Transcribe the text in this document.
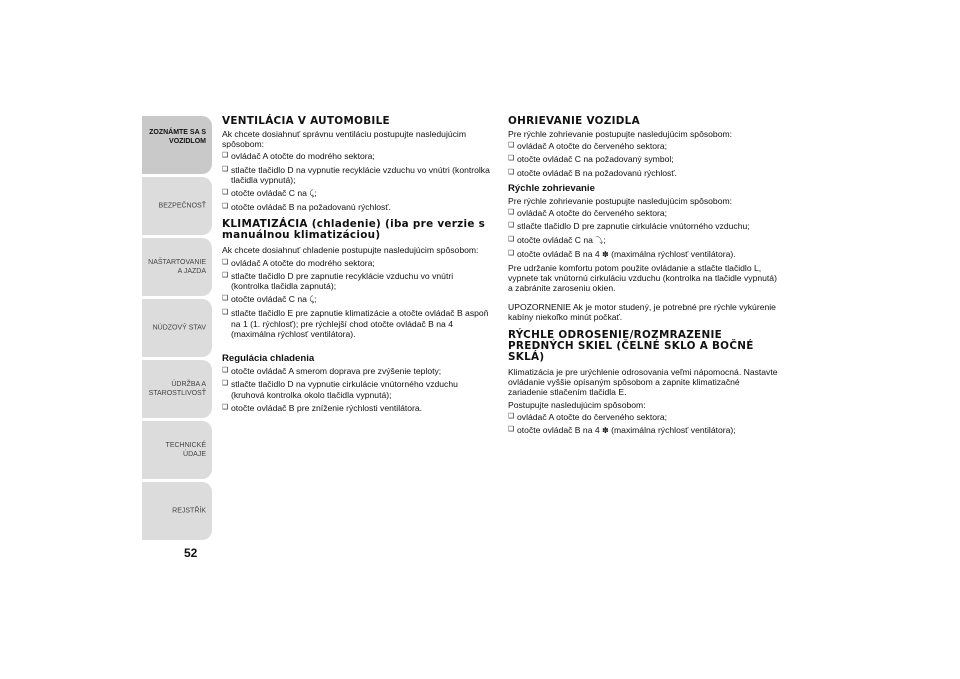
ZOZNÁMTE SA S VOZIDLOM
BEZPEČNOSŤ
NAŠTARTOVANIE A JAZDA
NÚDZOVÝ STAV
ÚDRŽBA A STAROSTLIVOSŤ
TECHNICKÉ ÚDAJE
REJSTŘÍK
52
VENTILÁCIA V AUTOMOBILE

Ak chcete dosiahnuť správnu ventiláciu postupujte nasledujúcim spôsobom:

❑ ovládač A otočte do modrého sektora;
❑ stlačte tlačidlo D na vypnutie recyklácie vzduchu vo vnútri (kontrolka tlačidla vypnutá);
❑ otočte ovládač C na ⤹;
❑ otočte ovládač B na požadovanú rýchlosť.
KLIMATIZÁCIA (chladenie) (iba pre verzie s manuálnou klimatizáciou)

Ak chcete dosiahnuť chladenie postupujte nasledujúcim spôsobom:

❑ ovládač A otočte do modrého sektora;
❑ stlačte tlačidlo D pre zapnutie recyklácie vzduchu vo vnútri (kontrolka tlačidla zapnutá);
❑ otočte ovládač C na ⤹;
❑ stlačte tlačidlo E pre zapnutie klimatizácie a otočte ovládač B aspoň na 1 (1. rýchlosť); pre rýchlejší chod otočte ovládač B na 4 (maximálna rýchlosť ventilátora).
Regulácia chladenia
❑ otočte ovládač A smerom doprava pre zvýšenie teploty;
❑ stlačte tlačidlo D na vypnutie cirkulácie vnútorného vzduchu (kruhová kontrolka okolo tlačidla vypnutá);
❑ otočte ovládač B pre zníženie rýchlosti ventilátora.
OHRIEVANIE VOZIDLA

Pre rýchle zohrievanie postupujte nasledujúcim spôsobom:

❑ ovládač A otočte do červeného sektora;
❑ otočte ovládač C na požadovaný symbol;
❑ otočte ovládač B na požadovanú rýchlosť.
Rýchle zohrievanie

Pre rýchle zohrievanie postupujte nasledujúcim spôsobom:

❑ ovládač A otočte do červeného sektora;
❑ stlačte tlačidlo D pre zapnutie cirkulácie vnútorného vzduchu;
❑ otočte ovládač C na ⤵;
❑ otočte ovládač B na 4 ✽ (maximálna rýchlosť ventilátora).

Pre udržanie komfortu potom použite ovládanie a stlačte tlačidlo L, vypnete tak vnútornú cirkuláciu vzduchu (kontrolka na tlačidle vypnutá) a zabránite zaroseniu okien.

UPOZORNENIE Ak je motor studený, je potrebné pre rýchle vykúrenie kabíny niekoľko minút počkať.

RÝCHLE ODROSENIE/ROZMRAZENIE PREDNÝCH SKIEL (ČELNÉ SKLO A BOČNÉ SKLÁ)

Klimatizácia je pre urýchlenie odrosovania veľmi nápomocná. Nastavte ovládanie vyššie opísaným spôsobom a zapnite klimatizačné zariadenie stlačením tlačidla E.

Postupujte nasledujúcim spôsobom:

❑ ovládač A otočte do červeného sektora;
❑ otočte ovládač B na 4 ✽ (maximálna rýchlosť ventilátora);
